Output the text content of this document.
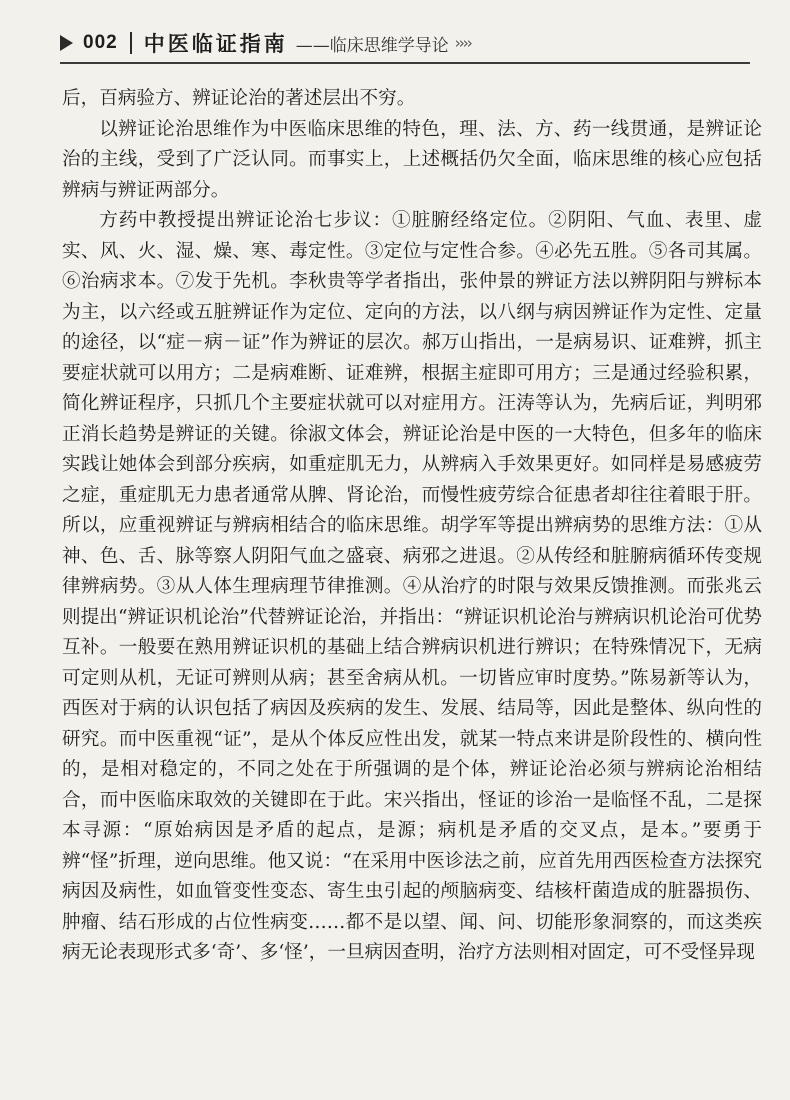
002 中医临证指南 ——临床思维学导论 ››››

后，百病验方、辨证论治的著述层出不穷。

以辨证论治思维作为中医临床思维的特色，理、法、方、药一线贯通，是辨证论治的主线，受到了广泛认同。而事实上，上述概括仍欠全面，临床思维的核心应包括辨病与辨证两部分。

方药中教授提出辨证论治七步议：①脏腑经络定位。②阴阳、气血、表里、虚实、风、火、湿、燥、寒、毒定性。③定位与定性合参。④必先五胜。⑤各司其属。⑥治病求本。⑦发于先机。李秋贵等学者指出，张仲景的辨证方法以辨阴阳与辨标本为主，以六经或五脏辨证作为定位、定向的方法，以八纲与病因辨证作为定性、定量的途径，以“症－病－证”作为辨证的层次。郝万山指出，一是病易识、证难辨，抓主要症状就可以用方；二是病难断、证难辨，根据主症即可用方；三是通过经验积累，简化辨证程序，只抓几个主要症状就可以对症用方。汪涛等认为，先病后证，判明邪正消长趋势是辨证的关键。徐淑文体会，辨证论治是中医的一大特色，但多年的临床实践让她体会到部分疾病，如重症肌无力，从辨病入手效果更好。如同样是易感疲劳之症，重症肌无力患者通常从脾、肾论治，而慢性疲劳综合征患者却往往着眼于肝。所以，应重视辨证与辨病相结合的临床思维。胡学军等提出辨病势的思维方法：①从神、色、舌、脉等察人阴阳气血之盛衰、病邪之进退。②从传经和脏腑病循环传变规律辨病势。③从人体生理病理节律推测。④从治疗的时限与效果反馈推测。而张兆云则提出“辨证识机论治”代替辨证论治，并指出：“辨证识机论治与辨病识机论治可优势互补。一般要在熟用辨证识机的基础上结合辨病识机进行辨识；在特殊情况下，无病可定则从机，无证可辨则从病；甚至舍病从机。一切皆应审时度势。”陈易新等认为，西医对于病的认识包括了病因及疾病的发生、发展、结局等，因此是整体、纵向性的研究。而中医重视“证”，是从个体反应性出发，就某一特点来讲是阶段性的、横向性的，是相对稳定的，不同之处在于所强调的是个体，辨证论治必须与辨病论治相结合，而中医临床取效的关键即在于此。宋兴指出，怪证的诊治一是临怪不乱，二是探本寻源：“原始病因是矛盾的起点，是源；病机是矛盾的交叉点，是本。”要勇于辨“怪”折理，逆向思维。他又说：“在采用中医诊法之前，应首先用西医检查方法探究病因及病性，如血管变性变态、寄生虫引起的颅脑病变、结核杆菌造成的脏器损伤、肿瘤、结石形成的占位性病变……都不是以望、闻、问、切能形象洞察的，而这类疾病无论表现形式多‘奇’、多‘怪’，一旦病因查明，治疗方法则相对固定，可不受怪异现
